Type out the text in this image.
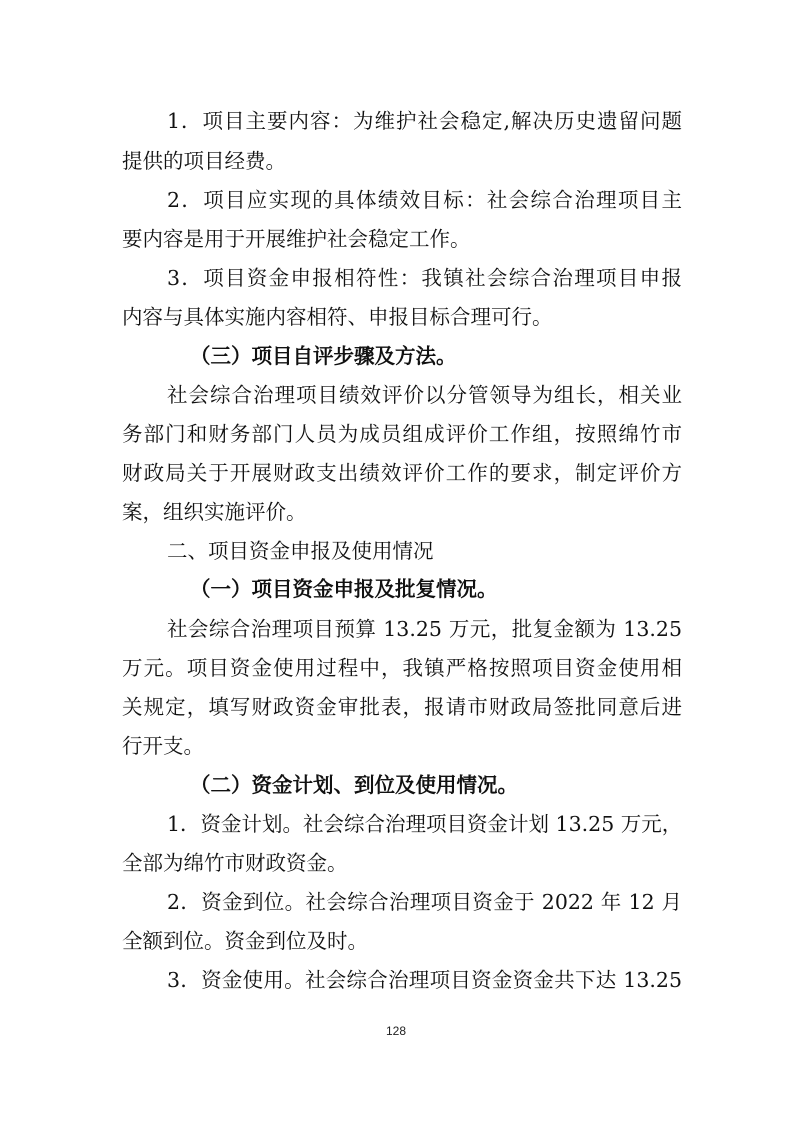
1．项目主要内容：为维护社会稳定,解决历史遗留问题
提供的项目经费。
2．项目应实现的具体绩效目标：社会综合治理项目主
要内容是用于开展维护社会稳定工作。
3．项目资金申报相符性：我镇社会综合治理项目申报
内容与具体实施内容相符、申报目标合理可行。
（三）项目自评步骤及方法。
社会综合治理项目绩效评价以分管领导为组长，相关业
务部门和财务部门人员为成员组成评价工作组，按照绵竹市
财政局关于开展财政支出绩效评价工作的要求，制定评价方
案，组织实施评价。
二、项目资金申报及使用情况
（一）项目资金申报及批复情况。
社会综合治理项目预算 13.25 万元，批复金额为 13.25
万元。项目资金使用过程中，我镇严格按照项目资金使用相
关规定，填写财政资金审批表，报请市财政局签批同意后进
行开支。
（二）资金计划、到位及使用情况。
1．资金计划。社会综合治理项目资金计划 13.25 万元，
全部为绵竹市财政资金。
2．资金到位。社会综合治理项目资金于 2022 年 12 月
全额到位。资金到位及时。
3．资金使用。社会综合治理项目资金资金共下达 13.25
128
